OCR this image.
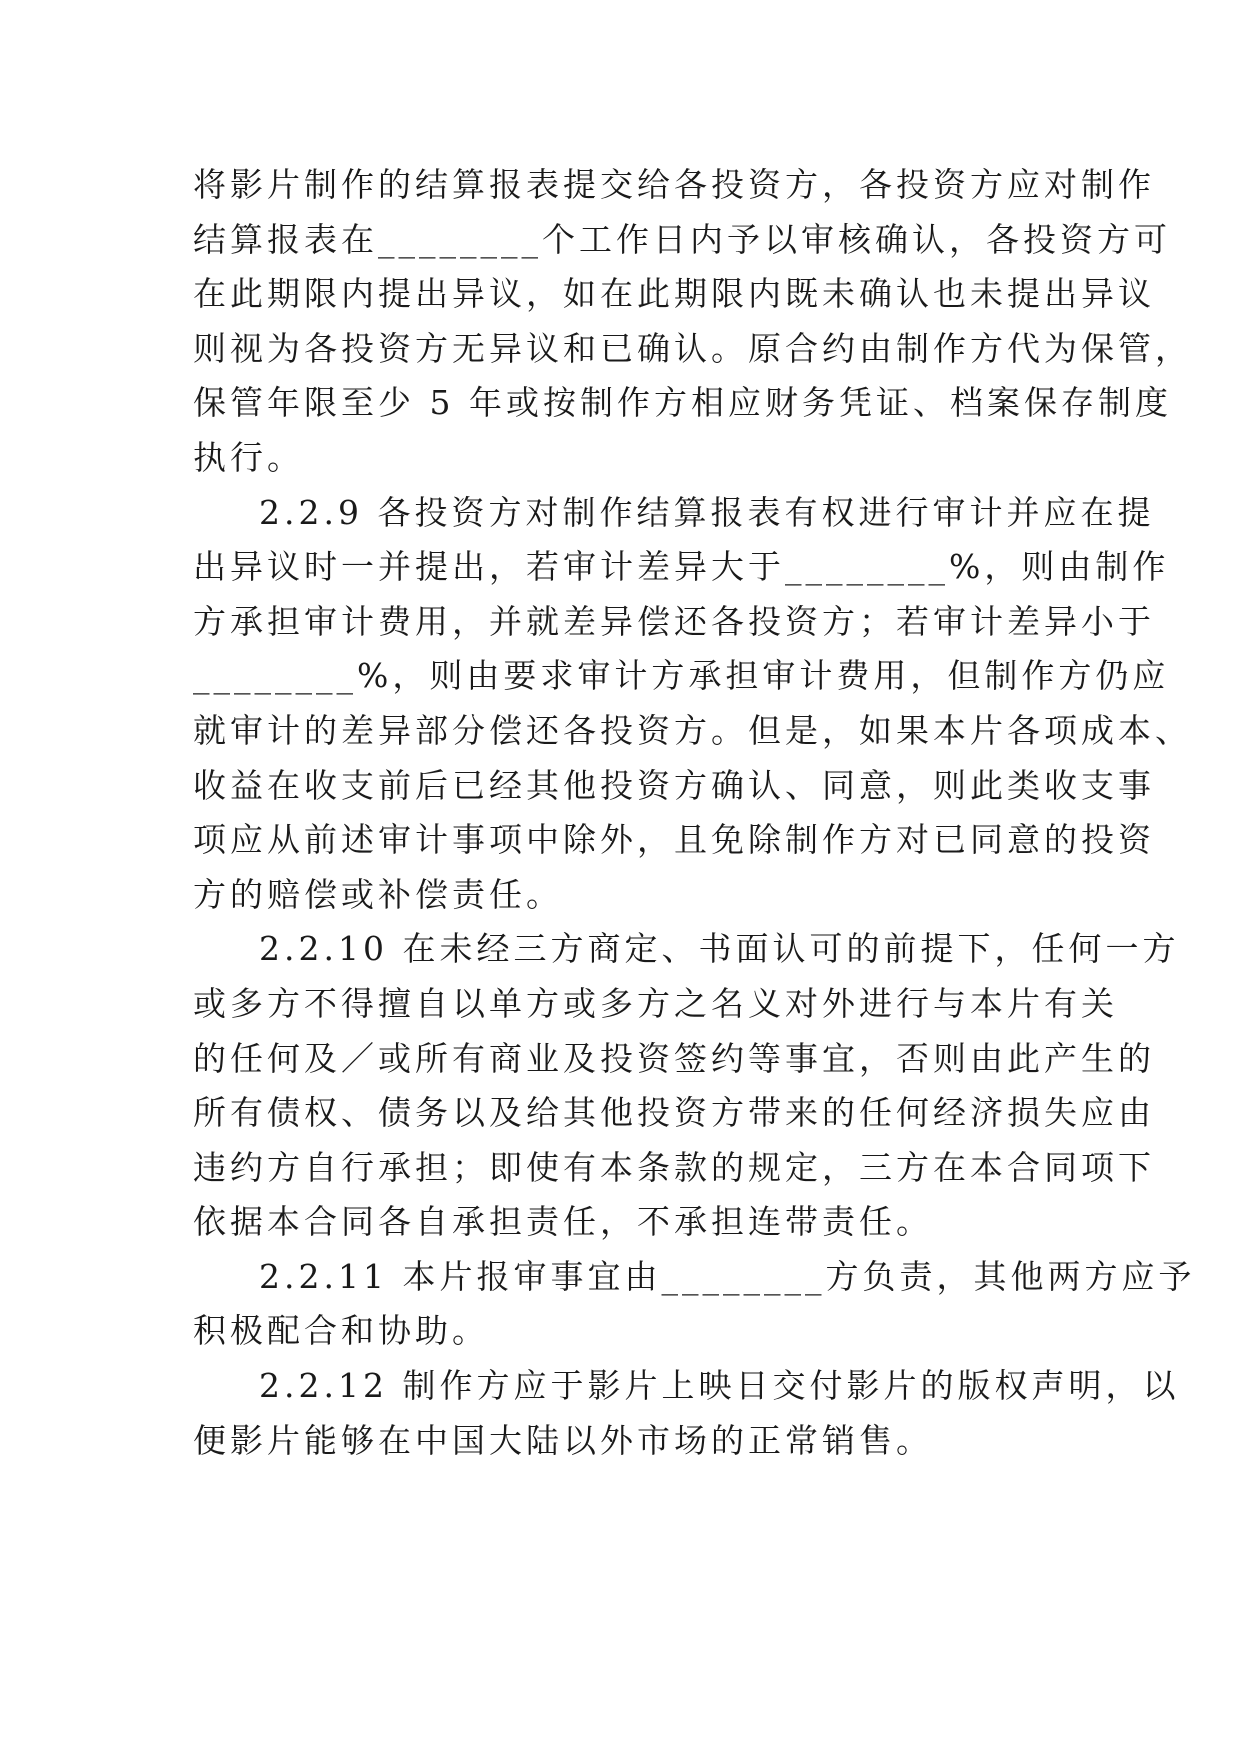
将影片制作的结算报表提交给各投资方，各投资方应对制作
结算报表在________个工作日内予以审核确认，各投资方可
在此期限内提出异议，如在此期限内既未确认也未提出异议
则视为各投资方无异议和已确认。原合约由制作方代为保管，
保管年限至少 5 年或按制作方相应财务凭证、档案保存制度
执行。
2.2.9 各投资方对制作结算报表有权进行审计并应在提
出异议时一并提出，若审计差异大于________%，则由制作
方承担审计费用，并就差异偿还各投资方；若审计差异小于
________%，则由要求审计方承担审计费用，但制作方仍应
就审计的差异部分偿还各投资方。但是，如果本片各项成本、
收益在收支前后已经其他投资方确认、同意，则此类收支事
项应从前述审计事项中除外，且免除制作方对已同意的投资
方的赔偿或补偿责任。
2.2.10 在未经三方商定、书面认可的前提下，任何一方
或多方不得擅自以单方或多方之名义对外进行与本片有关
的任何及／或所有商业及投资签约等事宜，否则由此产生的
所有债权、债务以及给其他投资方带来的任何经济损失应由
违约方自行承担；即使有本条款的规定，三方在本合同项下
依据本合同各自承担责任，不承担连带责任。
2.2.11 本片报审事宜由________方负责，其他两方应予
积极配合和协助。
2.2.12 制作方应于影片上映日交付影片的版权声明，以
便影片能够在中国大陆以外市场的正常销售。
